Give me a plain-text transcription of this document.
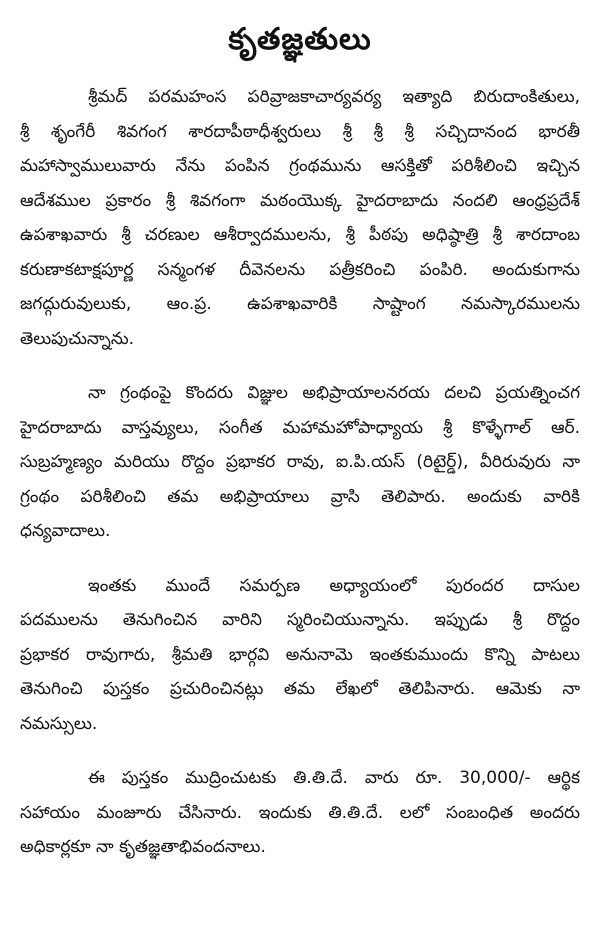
కృతజ్ఞతులు
శ్రీమద్ పరమహంస పరివ్రాజకాచార్యవర్య ఇత్యాది బిరుదాంకితులు,
శ్రీ శృంగేరీ శివగంగ శారదాపీఠాధీశ్వరులు శ్రీ శ్రీ శ్రీ సచ్చిదానంద భారతీ
మహాస్వాములువారు నేను పంపిన గ్రంథమును ఆసక్తితో పరిశీలించి ఇచ్చిన
ఆదేశముల ప్రకారం శ్రీ శివగంగా మఠంయొక్క హైదరాబాదు నందలి ఆంధ్రప్రదేశ్
ఉపశాఖవారు శ్రీ చరణుల ఆశీర్వాదములను, శ్రీ పీఠపు అధిష్ఠాత్రి శ్రీ శారదాంబ
కరుణాకటాక్షపూర్ణ సన్మంగళ దీవెనలను పత్రీకరించి పంపిరి. అందుకుగాను
జగద్గురువులుకు, ఆం.ప్ర. ఉపశాఖవారికి సాష్టాంగ నమస్కారములను
తెలుపుచున్నాను.
నా గ్రంథంపై కొందరు విజ్ఞుల అభిప్రాయాలనరయ దలచి ప్రయత్నించగ
హైదరాబాదు వాస్తవ్యులు, సంగీత మహామహోపాధ్యాయ శ్రీ కొళ్ళేగాల్ ఆర్.
సుబ్రహ్మణ్యం మరియు రొద్దం ప్రభాకర రావు, ఐ.పి.యస్ (రిటైర్డ్), వీరిరువురు నా
గ్రంథం పరిశీలించి తమ అభిప్రాయాలు వ్రాసి తెలిపారు. అందుకు వారికి
ధన్యవాదాలు.
ఇంతకు ముందే సమర్పణ అధ్యాయంలో పురందర దాసుల
పదములను తెనుగించిన వారిని స్మరించియున్నాను. ఇప్పుడు శ్రీ రొద్దం
ప్రభాకర రావుగారు, శ్రీమతి భార్గవి అనునామె ఇంతకుముందు కొన్ని పాటలు
తెనుగించి పుస్తకం ప్రచురించినట్లు తమ లేఖలో తెలిపినారు. ఆమెకు నా
నమస్సులు.
ఈ పుస్తకం ముద్రించుటకు తి.తి.దే. వారు రూ. 30,000/- ఆర్థిక
సహాయం మంజూరు చేసినారు. ఇందుకు తి.తి.దే. లలో సంబంధిత అందరు
అధికార్లకూ నా కృతజ్ఞతాభివందనాలు.
